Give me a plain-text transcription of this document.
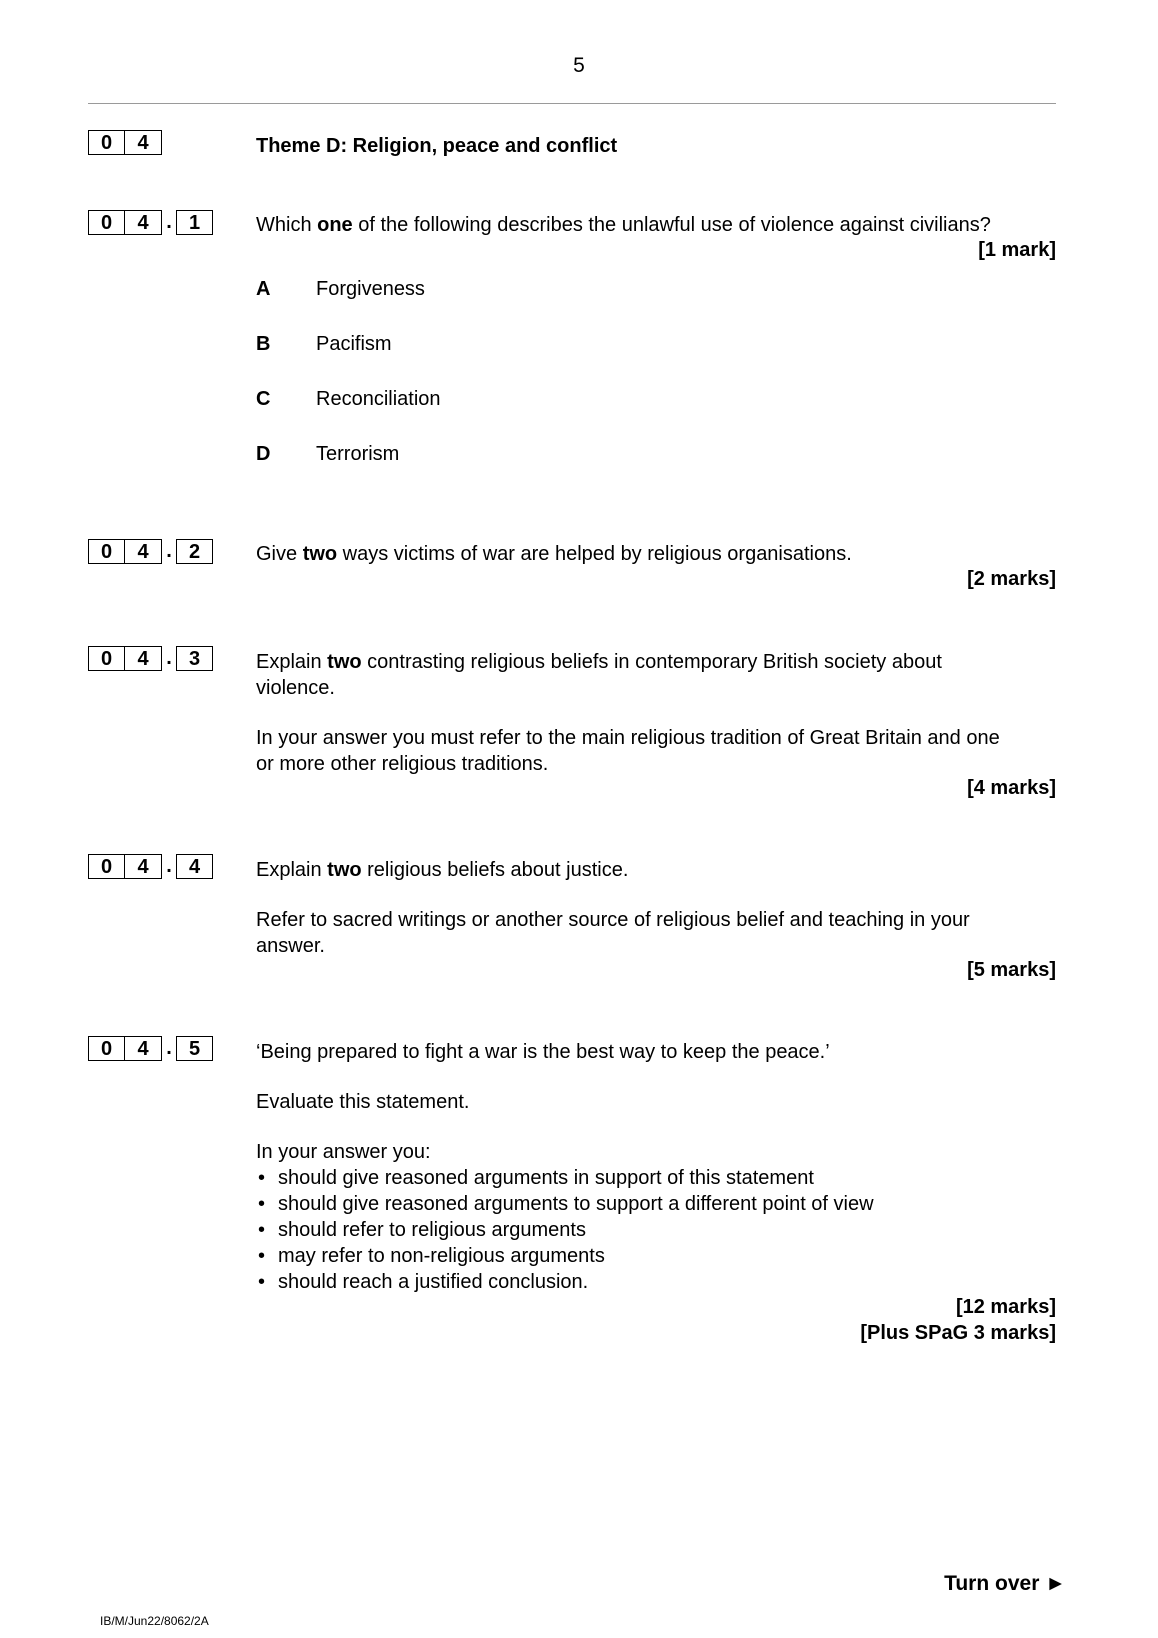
5
0	4	Theme D: Religion, peace and conflict
0	4 . 1	Which one of the following describes the unlawful use of violence against civilians?
[1 mark]
A Forgiveness
B Pacifism
C Reconciliation
D Terrorism
0	4 . 2	Give two ways victims of war are helped by religious organisations.
[2 marks]
0	4 . 3	Explain two contrasting religious beliefs in contemporary British society about violence.
In your answer you must refer to the main religious tradition of Great Britain and one or more other religious traditions.
[4 marks]
0	4 . 4	Explain two religious beliefs about justice.
Refer to sacred writings or another source of religious belief and teaching in your answer.
[5 marks]
0	4 . 5	‘Being prepared to fight a war is the best way to keep the peace.’
Evaluate this statement.
In your answer you:
• should give reasoned arguments in support of this statement
• should give reasoned arguments to support a different point of view
• should refer to religious arguments
• may refer to non-religious arguments
• should reach a justified conclusion.
[12 marks]
[Plus SPaG 3 marks]
Turn over ►
IB/M/Jun22/8062/2A
